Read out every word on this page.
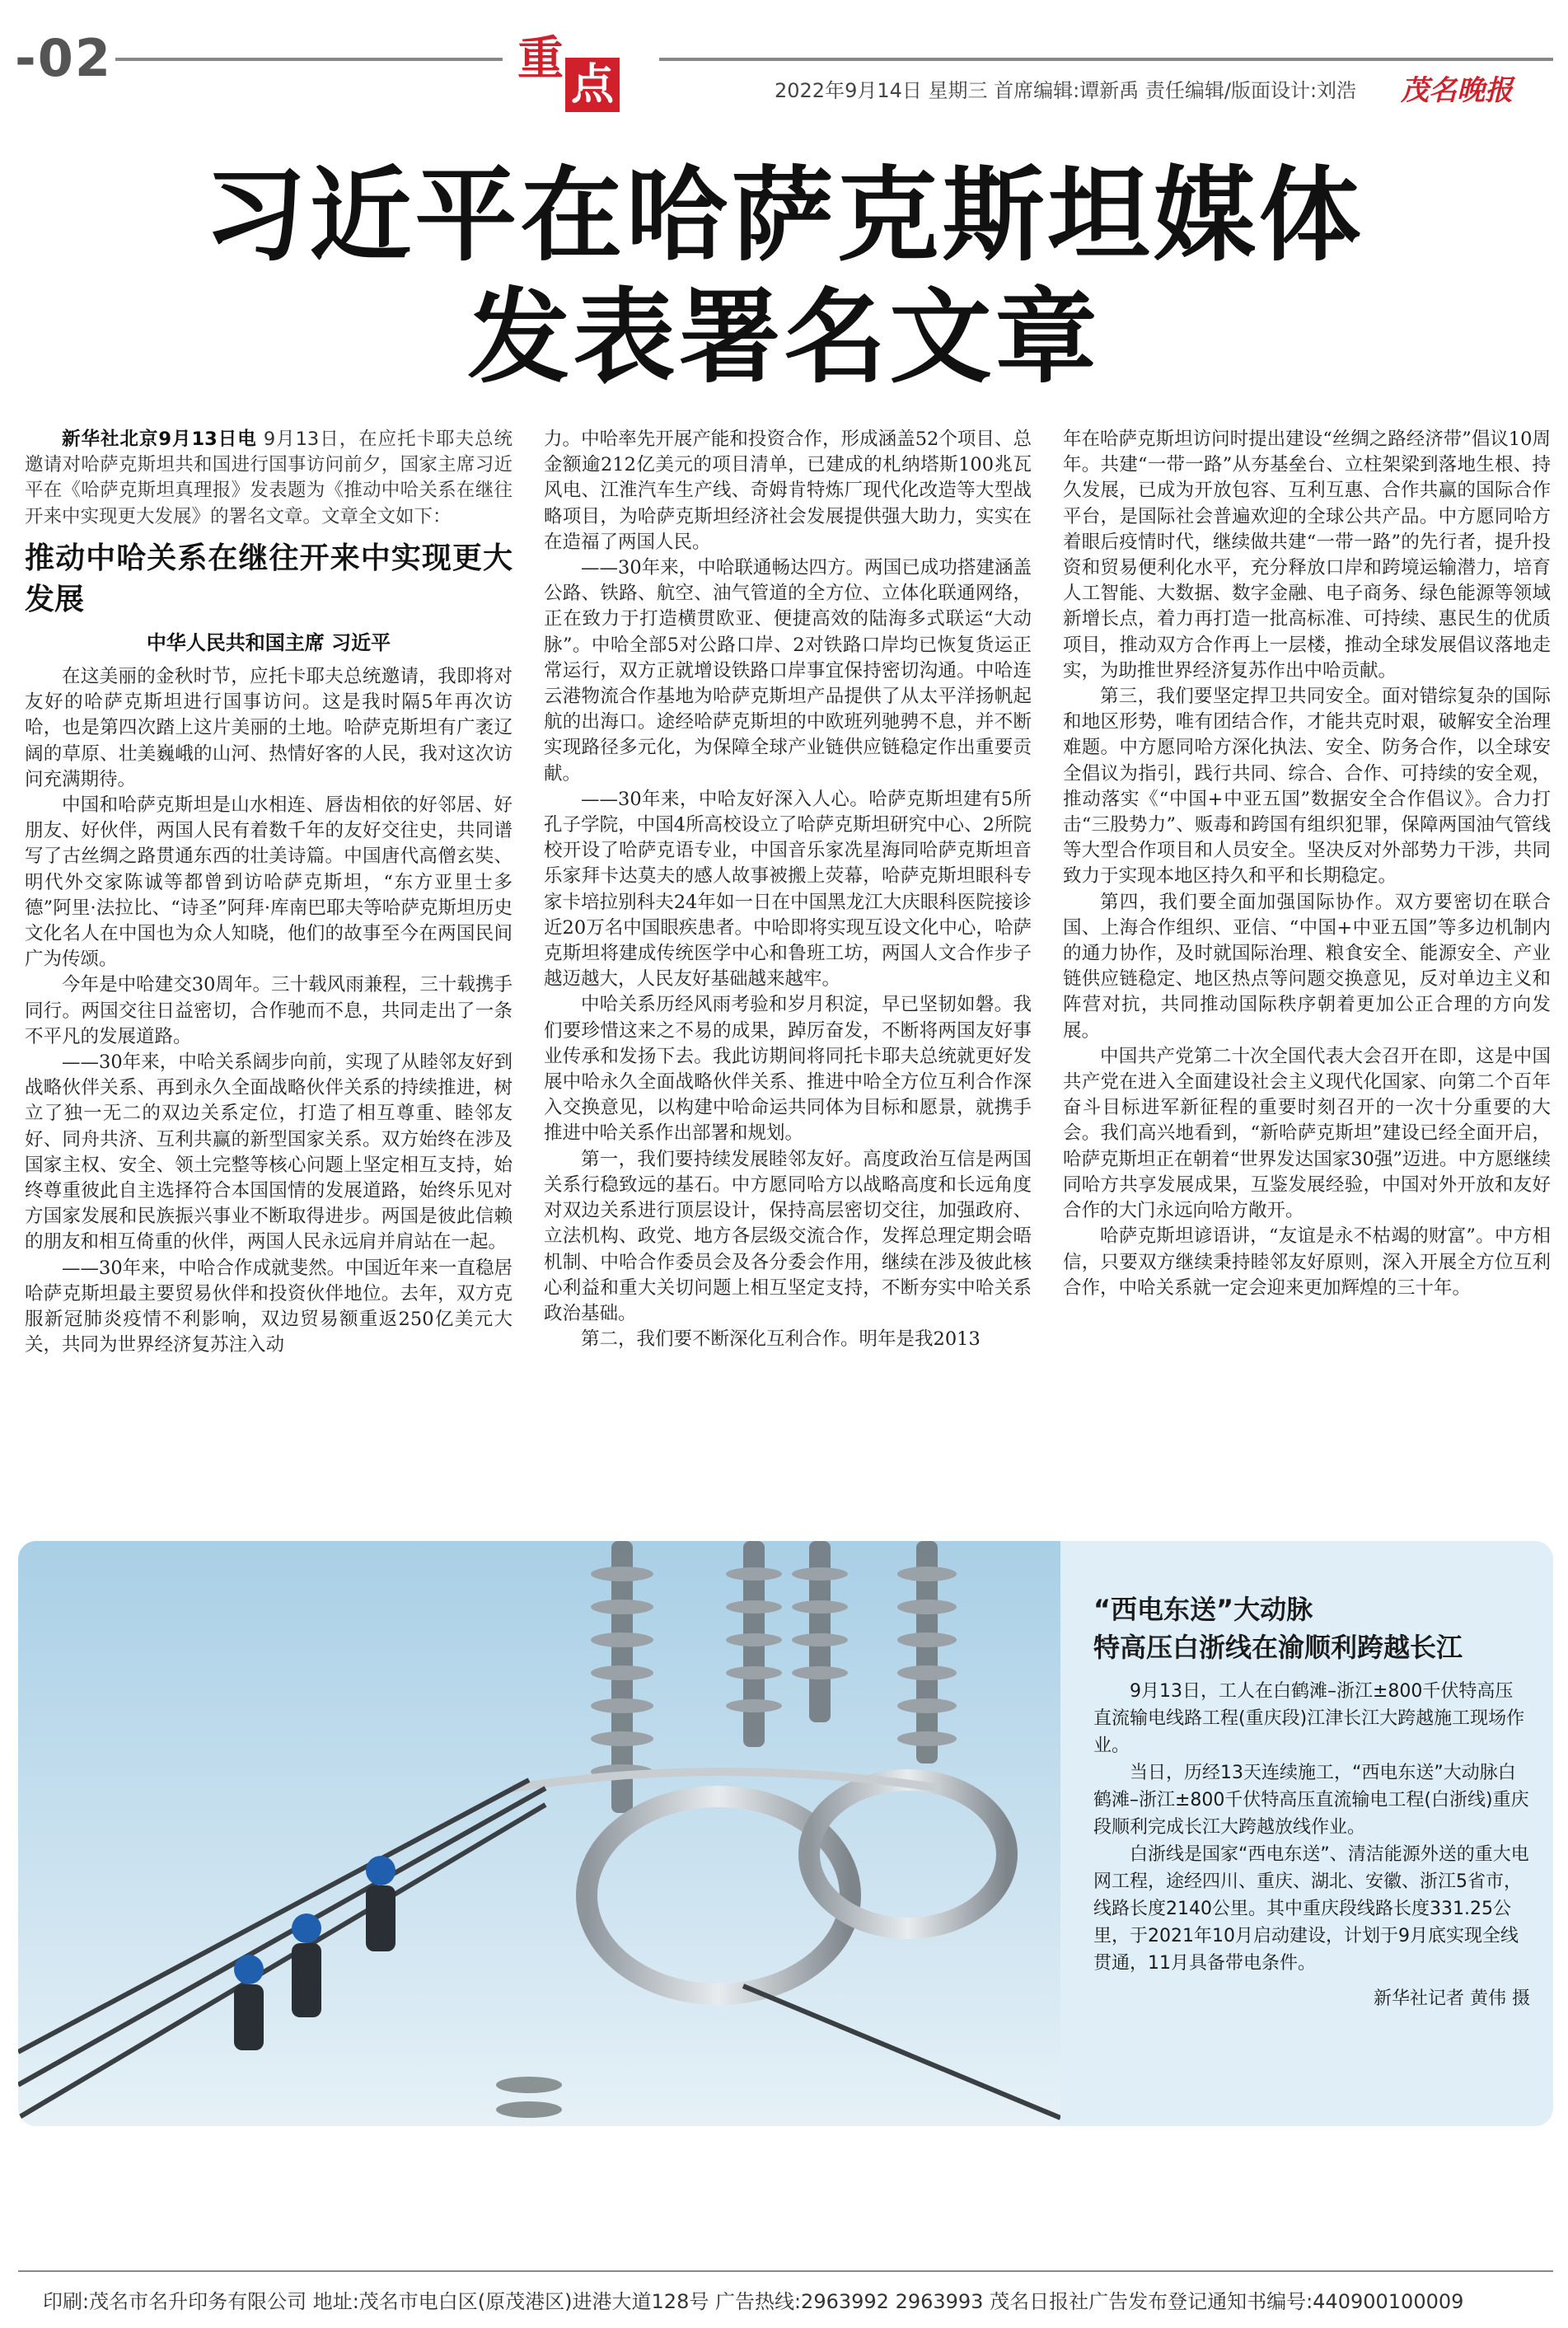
-02	重 点	2022年9月14日 星期三 首席编辑:谭新禹 责任编辑/版面设计:刘浩 茂名晚报
习近平在哈萨克斯坦媒体
发表署名文章

新华社北京9月13日电 9月13日，在应托卡耶夫总统邀请对哈萨克斯坦共和国进行国事访问前夕，国家主席习近平在《哈萨克斯坦真理报》发表题为《推动中哈关系在继往开来中实现更大发展》的署名文章。文章全文如下：

推动中哈关系在继往开来中实现更大发展
中华人民共和国主席 习近平

在这美丽的金秋时节，应托卡耶夫总统邀请，我即将对友好的哈萨克斯坦进行国事访问。这是我时隔5年再次访哈，也是第四次踏上这片美丽的土地。哈萨克斯坦有广袤辽阔的草原、壮美巍峨的山河、热情好客的人民，我对这次访问充满期待。

中国和哈萨克斯坦是山水相连、唇齿相依的好邻居、好朋友、好伙伴，两国人民有着数千年的友好交往史，共同谱写了古丝绸之路贯通东西的壮美诗篇。中国唐代高僧玄奘、明代外交家陈诚等都曾到访哈萨克斯坦，“东方亚里士多德”阿里·法拉比、“诗圣”阿拜·库南巴耶夫等哈萨克斯坦历史文化名人在中国也为众人知晓，他们的故事至今在两国民间广为传颂。

今年是中哈建交30周年。三十载风雨兼程，三十载携手同行。两国交往日益密切，合作驰而不息，共同走出了一条不平凡的发展道路。

——30年来，中哈关系阔步向前，实现了从睦邻友好到战略伙伴关系、再到永久全面战略伙伴关系的持续推进，树立了独一无二的双边关系定位，打造了相互尊重、睦邻友好、同舟共济、互利共赢的新型国家关系。双方始终在涉及国家主权、安全、领土完整等核心问题上坚定相互支持，始终尊重彼此自主选择符合本国国情的发展道路，始终乐见对方国家发展和民族振兴事业不断取得进步。两国是彼此信赖的朋友和相互倚重的伙伴，两国人民永远肩并肩站在一起。

——30年来，中哈合作成就斐然。中国近年来一直稳居哈萨克斯坦最主要贸易伙伴和投资伙伴地位。去年，双方克服新冠肺炎疫情不利影响，双边贸易额重返250亿美元大关，共同为世界经济复苏注入动

力。中哈率先开展产能和投资合作，形成涵盖52个项目、总金额逾212亿美元的项目清单，已建成的札纳塔斯100兆瓦风电、江淮汽车生产线、奇姆肯特炼厂现代化改造等大型战略项目，为哈萨克斯坦经济社会发展提供强大助力，实实在在造福了两国人民。

——30年来，中哈联通畅达四方。两国已成功搭建涵盖公路、铁路、航空、油气管道的全方位、立体化联通网络，正在致力于打造横贯欧亚、便捷高效的陆海多式联运“大动脉”。中哈全部5对公路口岸、2对铁路口岸均已恢复货运正常运行，双方正就增设铁路口岸事宜保持密切沟通。中哈连云港物流合作基地为哈萨克斯坦产品提供了从太平洋扬帆起航的出海口。途经哈萨克斯坦的中欧班列驰骋不息，并不断实现路径多元化，为保障全球产业链供应链稳定作出重要贡献。

——30年来，中哈友好深入人心。哈萨克斯坦建有5所孔子学院，中国4所高校设立了哈萨克斯坦研究中心、2所院校开设了哈萨克语专业，中国音乐家冼星海同哈萨克斯坦音乐家拜卡达莫夫的感人故事被搬上荧幕，哈萨克斯坦眼科专家卡培拉别科夫24年如一日在中国黑龙江大庆眼科医院接诊近20万名中国眼疾患者。中哈即将实现互设文化中心，哈萨克斯坦将建成传统医学中心和鲁班工坊，两国人文合作步子越迈越大，人民友好基础越来越牢。

中哈关系历经风雨考验和岁月积淀，早已坚韧如磐。我们要珍惜这来之不易的成果，踔厉奋发，不断将两国友好事业传承和发扬下去。我此访期间将同托卡耶夫总统就更好发展中哈永久全面战略伙伴关系、推进中哈全方位互利合作深入交换意见，以构建中哈命运共同体为目标和愿景，就携手推进中哈关系作出部署和规划。

第一，我们要持续发展睦邻友好。高度政治互信是两国关系行稳致远的基石。中方愿同哈方以战略高度和长远角度对双边关系进行顶层设计，保持高层密切交往，加强政府、立法机构、政党、地方各层级交流合作，发挥总理定期会晤机制、中哈合作委员会及各分委会作用，继续在涉及彼此核心利益和重大关切问题上相互坚定支持，不断夯实中哈关系政治基础。

第二，我们要不断深化互利合作。明年是我2013

年在哈萨克斯坦访问时提出建设“丝绸之路经济带”倡议10周年。共建“一带一路”从夯基垒台、立柱架梁到落地生根、持久发展，已成为开放包容、互利互惠、合作共赢的国际合作平台，是国际社会普遍欢迎的全球公共产品。中方愿同哈方着眼后疫情时代，继续做共建“一带一路”的先行者，提升投资和贸易便利化水平，充分释放口岸和跨境运输潜力，培育人工智能、大数据、数字金融、电子商务、绿色能源等领域新增长点，着力再打造一批高标准、可持续、惠民生的优质项目，推动双方合作再上一层楼，推动全球发展倡议落地走实，为助推世界经济复苏作出中哈贡献。

第三，我们要坚定捍卫共同安全。面对错综复杂的国际和地区形势，唯有团结合作，才能共克时艰，破解安全治理难题。中方愿同哈方深化执法、安全、防务合作，以全球安全倡议为指引，践行共同、综合、合作、可持续的安全观，推动落实《“中国+中亚五国”数据安全合作倡议》。合力打击“三股势力”、贩毒和跨国有组织犯罪，保障两国油气管线等大型合作项目和人员安全。坚决反对外部势力干涉，共同致力于实现本地区持久和平和长期稳定。

第四，我们要全面加强国际协作。双方要密切在联合国、上海合作组织、亚信、“中国+中亚五国”等多边机制内的通力协作，及时就国际治理、粮食安全、能源安全、产业链供应链稳定、地区热点等问题交换意见，反对单边主义和阵营对抗，共同推动国际秩序朝着更加公正合理的方向发展。

中国共产党第二十次全国代表大会召开在即，这是中国共产党在进入全面建设社会主义现代化国家、向第二个百年奋斗目标进军新征程的重要时刻召开的一次十分重要的大会。我们高兴地看到，“新哈萨克斯坦”建设已经全面开启，哈萨克斯坦正在朝着“世界发达国家30强”迈进。中方愿继续同哈方共享发展成果，互鉴发展经验，中国对外开放和友好合作的大门永远向哈方敞开。

哈萨克斯坦谚语讲，“友谊是永不枯竭的财富”。中方相信，只要双方继续秉持睦邻友好原则，深入开展全方位互利合作，中哈关系就一定会迎来更加辉煌的三十年。

“西电东送”大动脉
特高压白浙线在渝顺利跨越长江

9月13日，工人在白鹤滩–浙江±800千伏特高压直流输电线路工程(重庆段)江津长江大跨越施工现场作业。

当日，历经13天连续施工，“西电东送”大动脉白鹤滩–浙江±800千伏特高压直流输电工程(白浙线)重庆段顺利完成长江大跨越放线作业。

白浙线是国家“西电东送”、清洁能源外送的重大电网工程，途经四川、重庆、湖北、安徽、浙江5省市，线路长度2140公里。其中重庆段线路长度331.25公里，于2021年10月启动建设，计划于9月底实现全线贯通，11月具备带电条件。

新华社记者 黄伟 摄

印刷:茂名市名升印务有限公司 地址:茂名市电白区(原茂港区)进港大道128号 广告热线:2963992 2963993 茂名日报社广告发布登记通知书编号:440900100009
